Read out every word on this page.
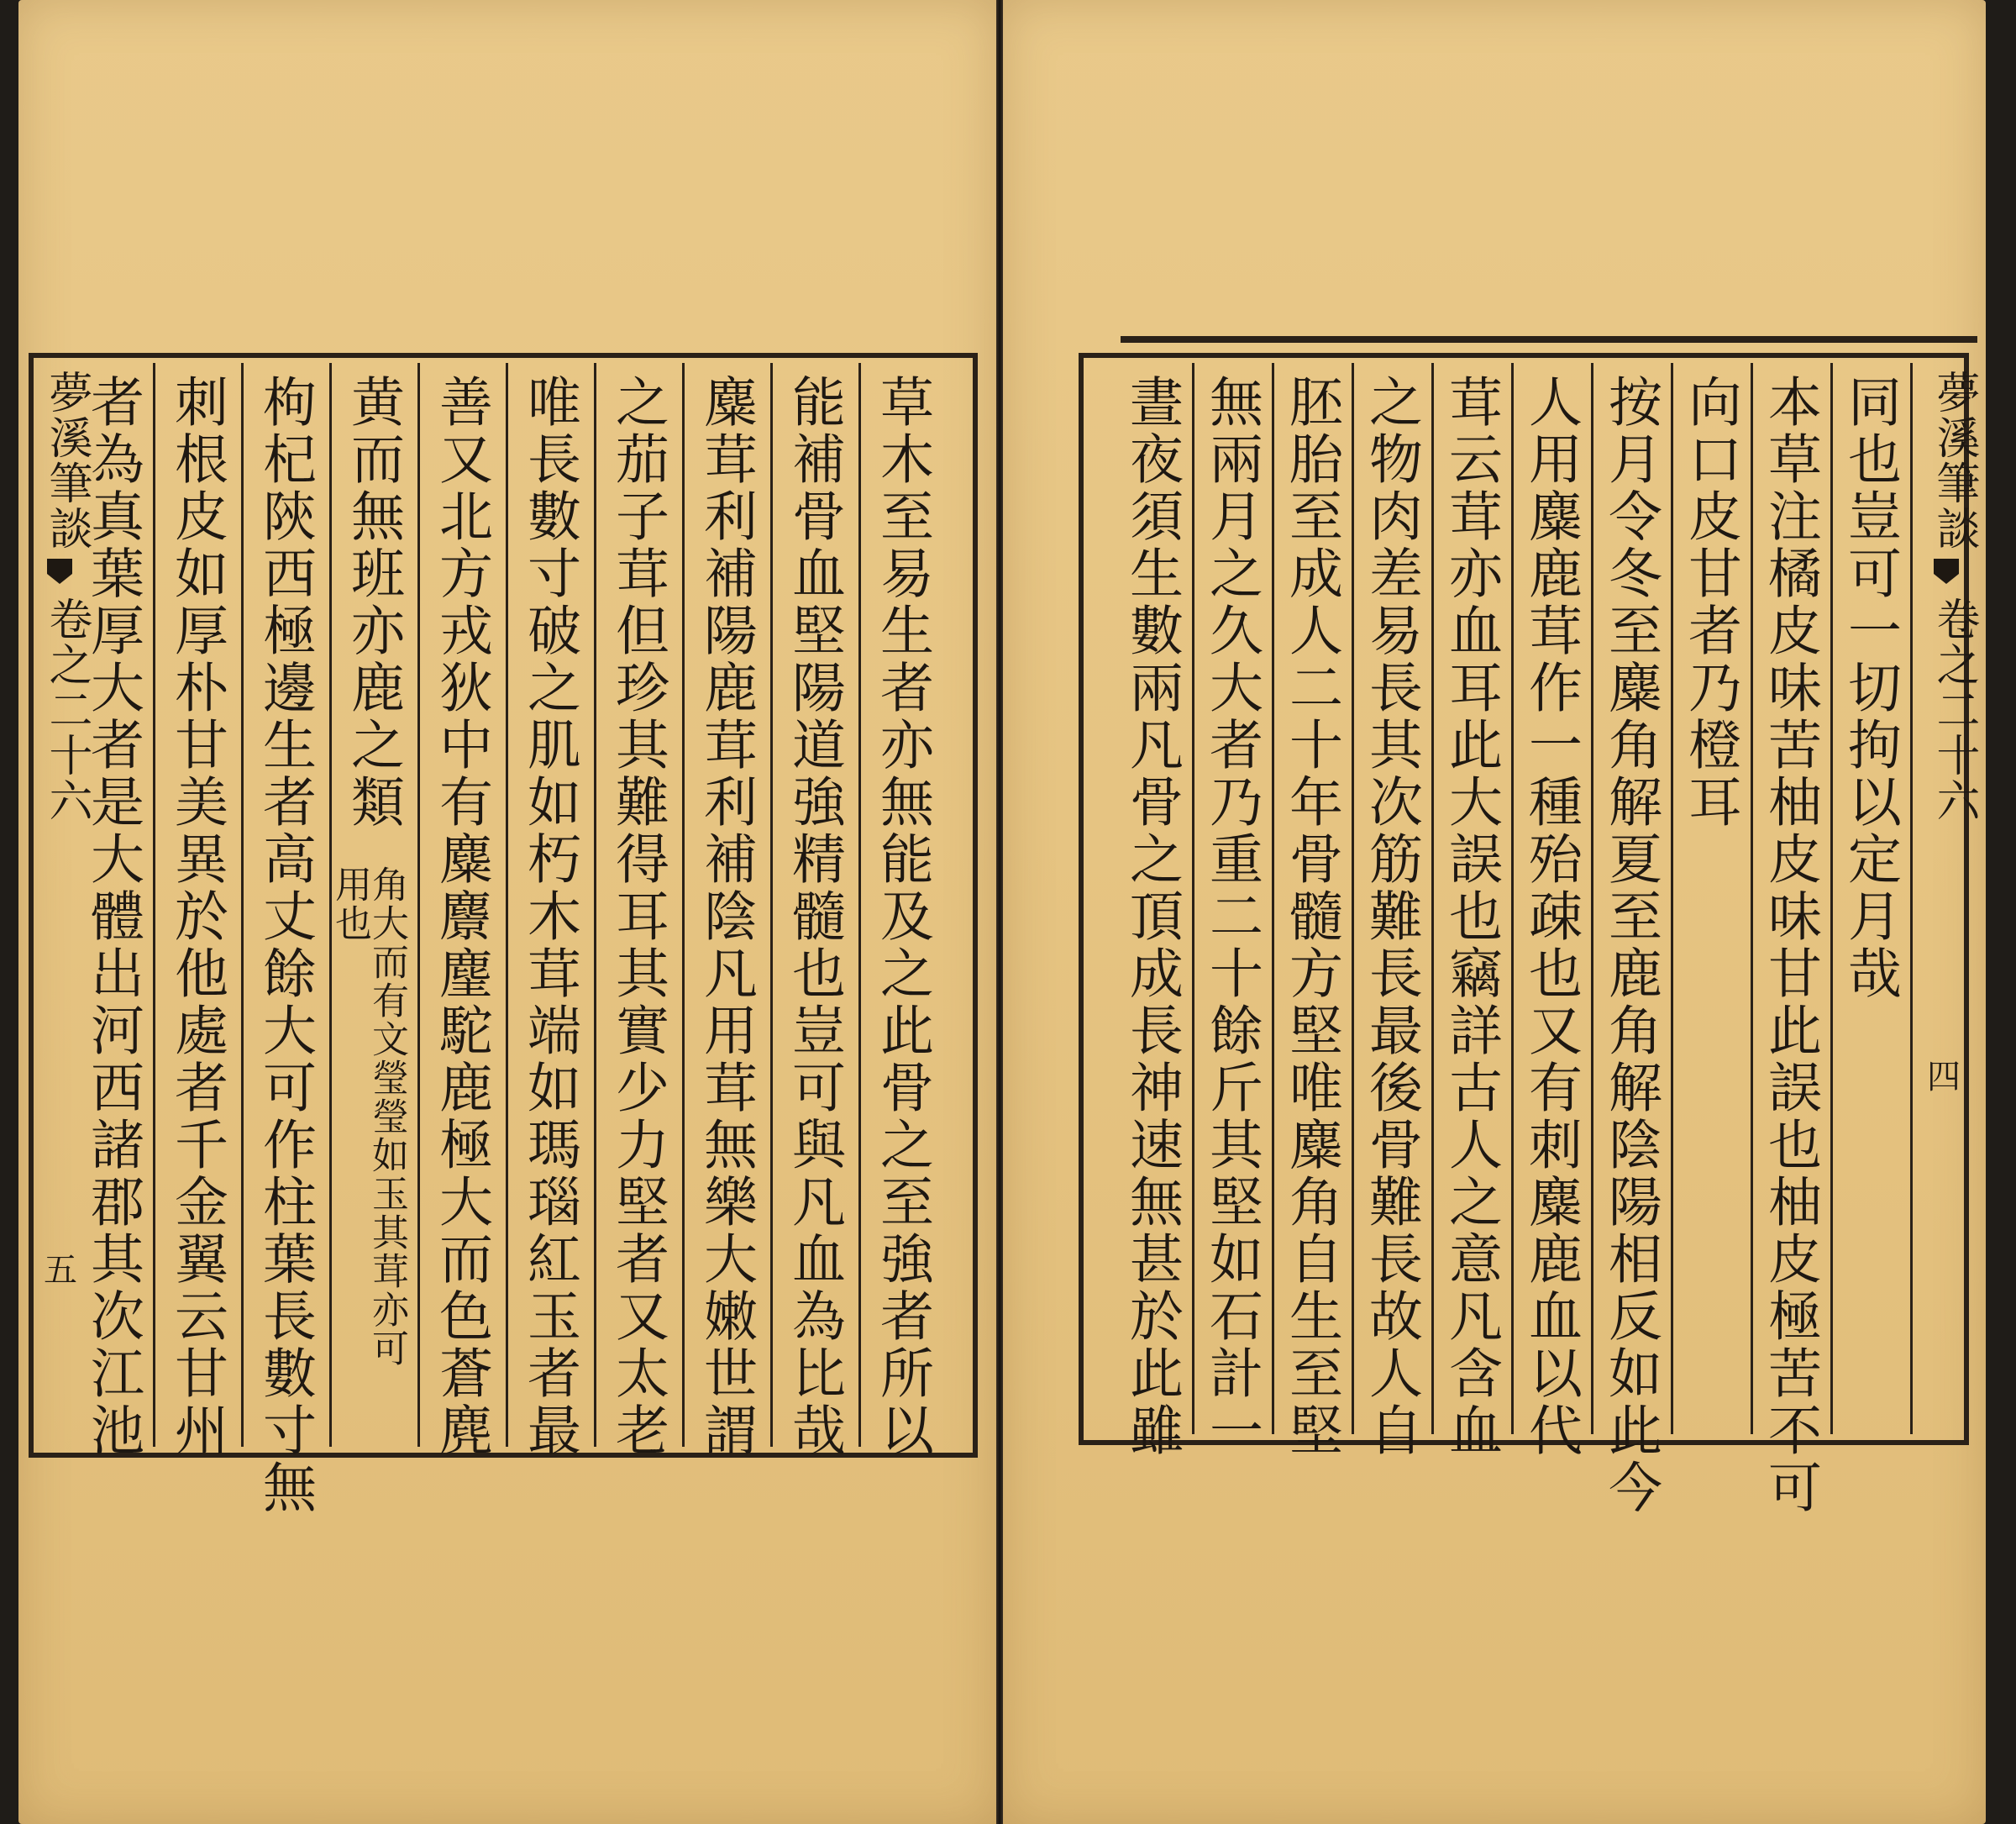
夢溪筆談
卷之二十六
五	草木至易生者亦無能及之此骨之至強者所以
能補骨血堅陽道強精髓也豈可與凡血為比哉
麋茸利補陽鹿茸利補陰凡用茸無樂大嫩世謂
之茄子茸但珍其難得耳其實少力堅者又太老
唯長數寸破之肌如朽木茸端如瑪瑙紅玉者最
善又北方戎狄中有麋麖麈駝鹿極大而色蒼麂
黄而無班亦鹿之類
角大而有文瑩瑩如玉其茸亦可用也
枸杞陝西極邊生者高丈餘大可作柱葉長數寸無
刺根皮如厚朴甘美異於他處者千金翼云甘州
者為真葉厚大者是大體出河西諸郡其次江池	夢溪筆談
卷之二十六
四
同也豈可一切拘以定月哉
本草注橘皮味苦柚皮味甘此誤也柚皮極苦不可
向口皮甘者乃橙耳
按月令冬至麋角解夏至鹿角解陰陽相反如此今
人用麋鹿茸作一種殆疎也又有刺麋鹿血以代
茸云茸亦血耳此大誤也竊詳古人之意凡含血
之物肉差易長其次筋難長最後骨難長故人自
胚胎至成人二十年骨髓方堅唯麋角自生至堅
無兩月之久大者乃重二十餘斤其堅如石計一
晝夜須生數兩凡骨之頂成長神速無甚於此雖
